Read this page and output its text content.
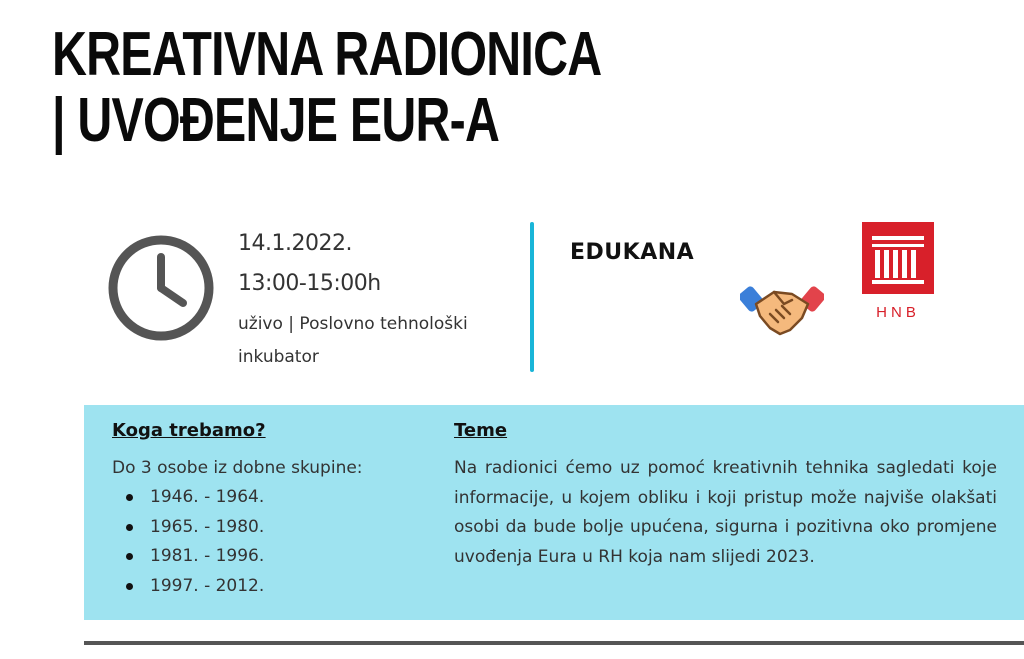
KREATIVNA RADIONICA
| UVOĐENJE EUR-A
14.1.2022.
13:00-15:00h
uživo | Poslovno tehnološki inkubator
EDUKANA
HNB
Koga trebamo?
Do 3 osobe iz dobne skupine:
1946. - 1964.
1965. - 1980.
1981. - 1996.
1997. - 2012.
Teme
Na radionici ćemo uz pomoć kreativnih tehnika sagledati koje informacije, u kojem obliku i koji pristup može najviše olakšati osobi da bude bolje upućena, sigurna i pozitivna oko promjene uvođenja Eura u RH koja nam slijedi 2023.
